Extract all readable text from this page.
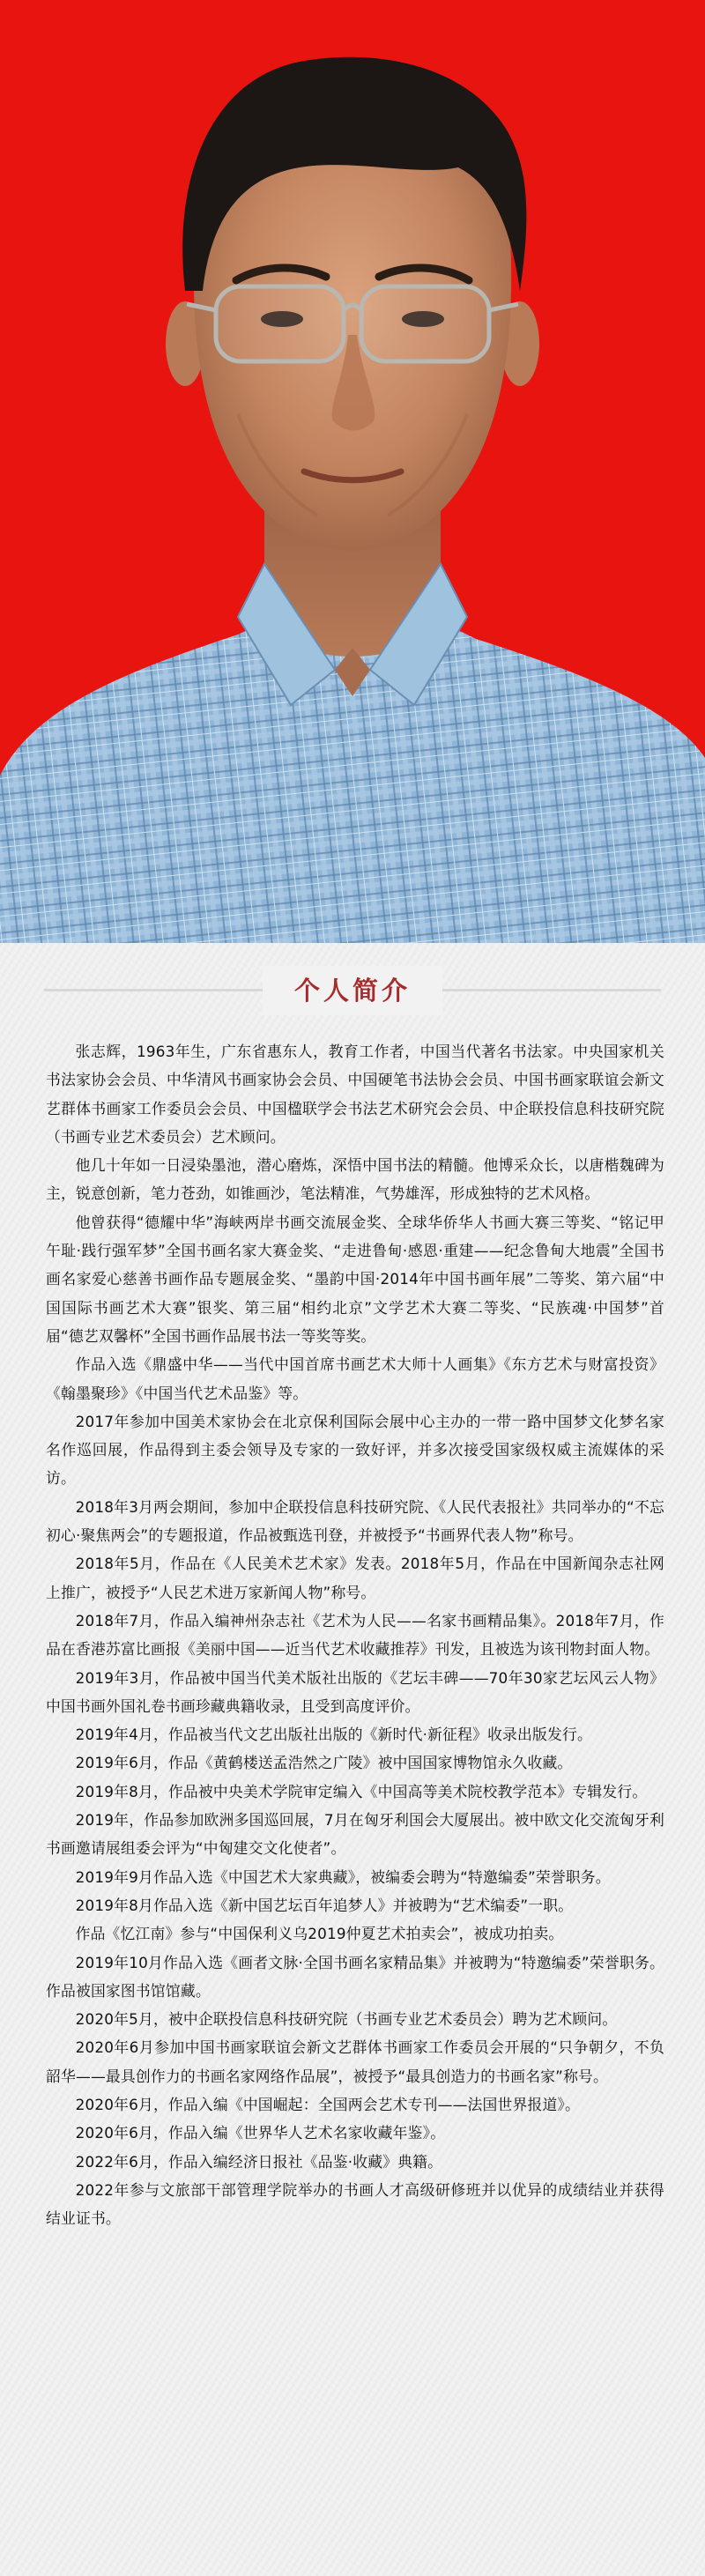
个人简介

张志辉，1963年生，广东省惠东人，教育工作者，中国当代著名书法家。中央国家机关书法家协会会员、中华清风书画家协会会员、中国硬笔书法协会会员、中国书画家联谊会新文艺群体书画家工作委员会会员、中国楹联学会书法艺术研究会会员、中企联投信息科技研究院（书画专业艺术委员会）艺术顾问。

他几十年如一日浸染墨池，潜心磨炼，深悟中国书法的精髓。他博采众长，以唐楷魏碑为主，锐意创新，笔力苍劲，如锥画沙，笔法精准，气势雄浑，形成独特的艺术风格。

他曾获得“德耀中华”海峡两岸书画交流展金奖、全球华侨华人书画大赛三等奖、“铭记甲午耻·践行强军梦”全国书画名家大赛金奖、“走进鲁甸·感恩·重建——纪念鲁甸大地震”全国书画名家爱心慈善书画作品专题展金奖、“墨韵中国·2014年中国书画年展”二等奖、第六届“中国国际书画艺术大赛”银奖、第三届“相约北京”文学艺术大赛二等奖、“民族魂·中国梦”首届“德艺双馨杯”全国书画作品展书法一等奖等奖。

作品入选《鼎盛中华——当代中国首席书画艺术大师十人画集》《东方艺术与财富投资》《翰墨聚珍》《中国当代艺术品鉴》等。

2017年参加中国美术家协会在北京保利国际会展中心主办的一带一路中国梦文化梦名家名作巡回展，作品得到主委会领导及专家的一致好评，并多次接受国家级权威主流媒体的采访。

2018年3月两会期间，参加中企联投信息科技研究院、《人民代表报社》共同举办的“不忘初心·聚焦两会”的专题报道，作品被甄选刊登，并被授予“书画界代表人物”称号。

2018年5月，作品在《人民美术艺术家》发表。2018年5月，作品在中国新闻杂志社网上推广，被授予“人民艺术进万家新闻人物”称号。

2018年7月，作品入编神州杂志社《艺术为人民——名家书画精品集》。2018年7月，作品在香港苏富比画报《美丽中国——近当代艺术收藏推荐》刊发，且被选为该刊物封面人物。

2019年3月，作品被中国当代美术版社出版的《艺坛丰碑——70年30家艺坛风云人物》中国书画外国礼卷书画珍藏典籍收录，且受到高度评价。

2019年4月，作品被当代文艺出版社出版的《新时代·新征程》收录出版发行。

2019年6月，作品《黄鹤楼送孟浩然之广陵》被中国国家博物馆永久收藏。

2019年8月，作品被中央美术学院审定编入《中国高等美术院校教学范本》专辑发行。

2019年，作品参加欧洲多国巡回展，7月在匈牙利国会大厦展出。被中欧文化交流匈牙利书画邀请展组委会评为“中匈建交文化使者”。

2019年9月作品入选《中国艺术大家典藏》，被编委会聘为“特邀编委”荣誉职务。

2019年8月作品入选《新中国艺坛百年追梦人》并被聘为“艺术编委”一职。

作品《忆江南》参与“中国保利义乌2019仲夏艺术拍卖会”，被成功拍卖。

2019年10月作品入选《画者文脉·全国书画名家精品集》并被聘为“特邀编委”荣誉职务。作品被国家图书馆馆藏。

2020年5月，被中企联投信息科技研究院（书画专业艺术委员会）聘为艺术顾问。

2020年6月参加中国书画家联谊会新文艺群体书画家工作委员会开展的“只争朝夕，不负韶华——最具创作力的书画名家网络作品展”，被授予“最具创造力的书画名家”称号。

2020年6月，作品入编《中国崛起：全国两会艺术专刊——法国世界报道》。

2020年6月，作品入编《世界华人艺术名家收藏年鉴》。

2022年6月，作品入编经济日报社《品鉴·收藏》典籍。

2022年参与文旅部干部管理学院举办的书画人才高级研修班并以优异的成绩结业并获得结业证书。
